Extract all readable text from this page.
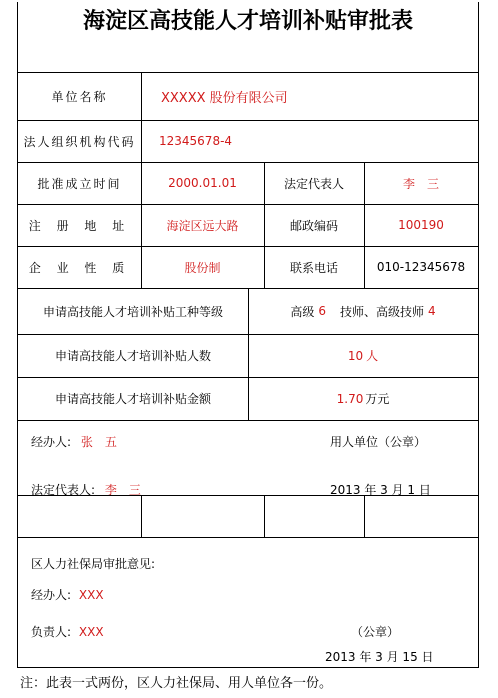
海淀区高技能人才培训补贴审批表
单位名称	XXXXX 股份有限公司
法人组织机构代码	12345678-4
批准成立时间	2000.01.01	法定代表人	李　三
注 册 地 址	海淀区远大路	邮政编码	100190
企 业 性 质	股份制	联系电话	010-12345678
申请高技能人才培训补贴工种等级	高级 6 技师、高级技师 4
申请高技能人才培训补贴人数	10 人
申请高技能人才培训补贴金额	1.70 万元
经办人: 张　五	用人单位（公章）
法定代表人: 李　三	2013 年 3 月 1 日
区人力社保局审批意见:
经办人: XXX
负责人: XXX	（公章）
2013 年 3 月 15 日
注：此表一式两份，区人力社保局、用人单位各一份。
